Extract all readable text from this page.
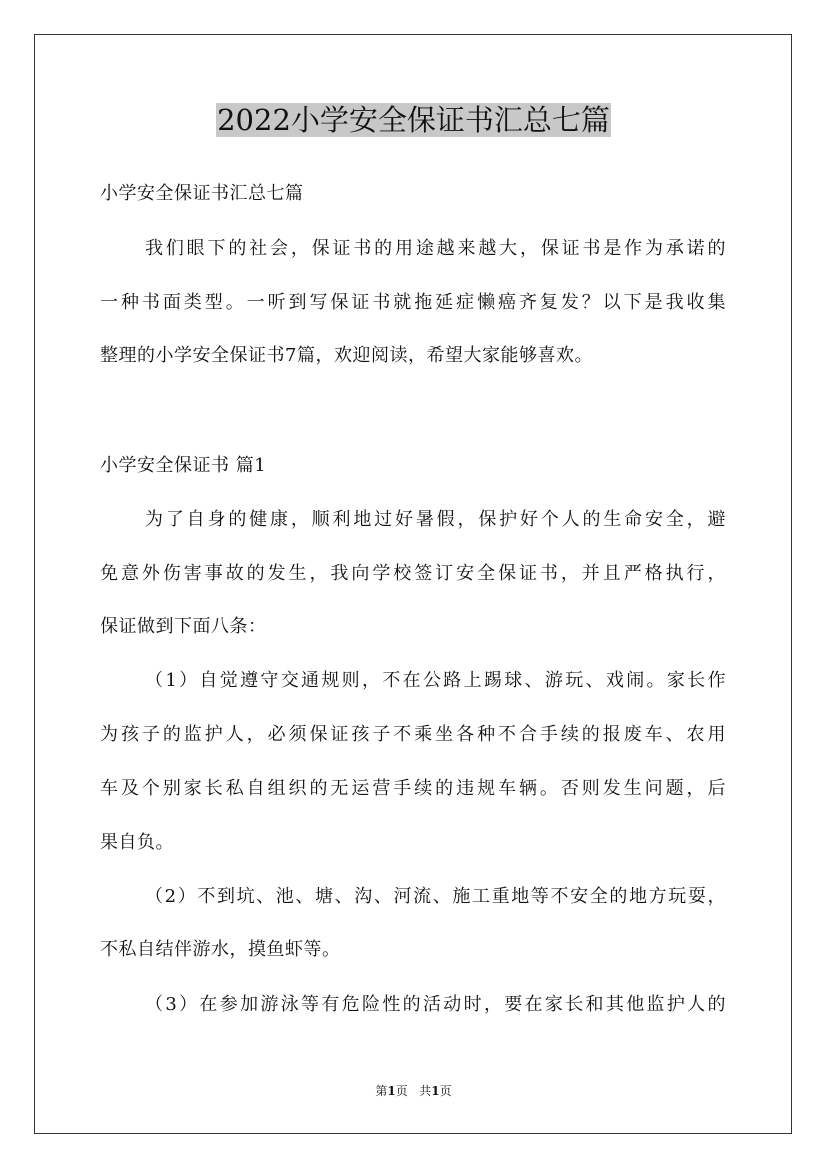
2022小学安全保证书汇总七篇
小学安全保证书汇总七篇
我们眼下的社会，保证书的用途越来越大，保证书是作为承诺的
一种书面类型。一听到写保证书就拖延症懒癌齐复发？以下是我收集
整理的小学安全保证书7篇，欢迎阅读，希望大家能够喜欢。
小学安全保证书 篇1
为了自身的健康，顺利地过好暑假，保护好个人的生命安全，避
免意外伤害事故的发生，我向学校签订安全保证书，并且严格执行，
保证做到下面八条：
（1）自觉遵守交通规则，不在公路上踢球、游玩、戏闹。家长作
为孩子的监护人，必须保证孩子不乘坐各种不合手续的报废车、农用
车及个别家长私自组织的无运营手续的违规车辆。否则发生问题，后
果自负。
（2）不到坑、池、塘、沟、河流、施工重地等不安全的地方玩耍，
不私自结伴游水，摸鱼虾等。
（3）在参加游泳等有危险性的活动时，要在家长和其他监护人的
第1页 共1页
